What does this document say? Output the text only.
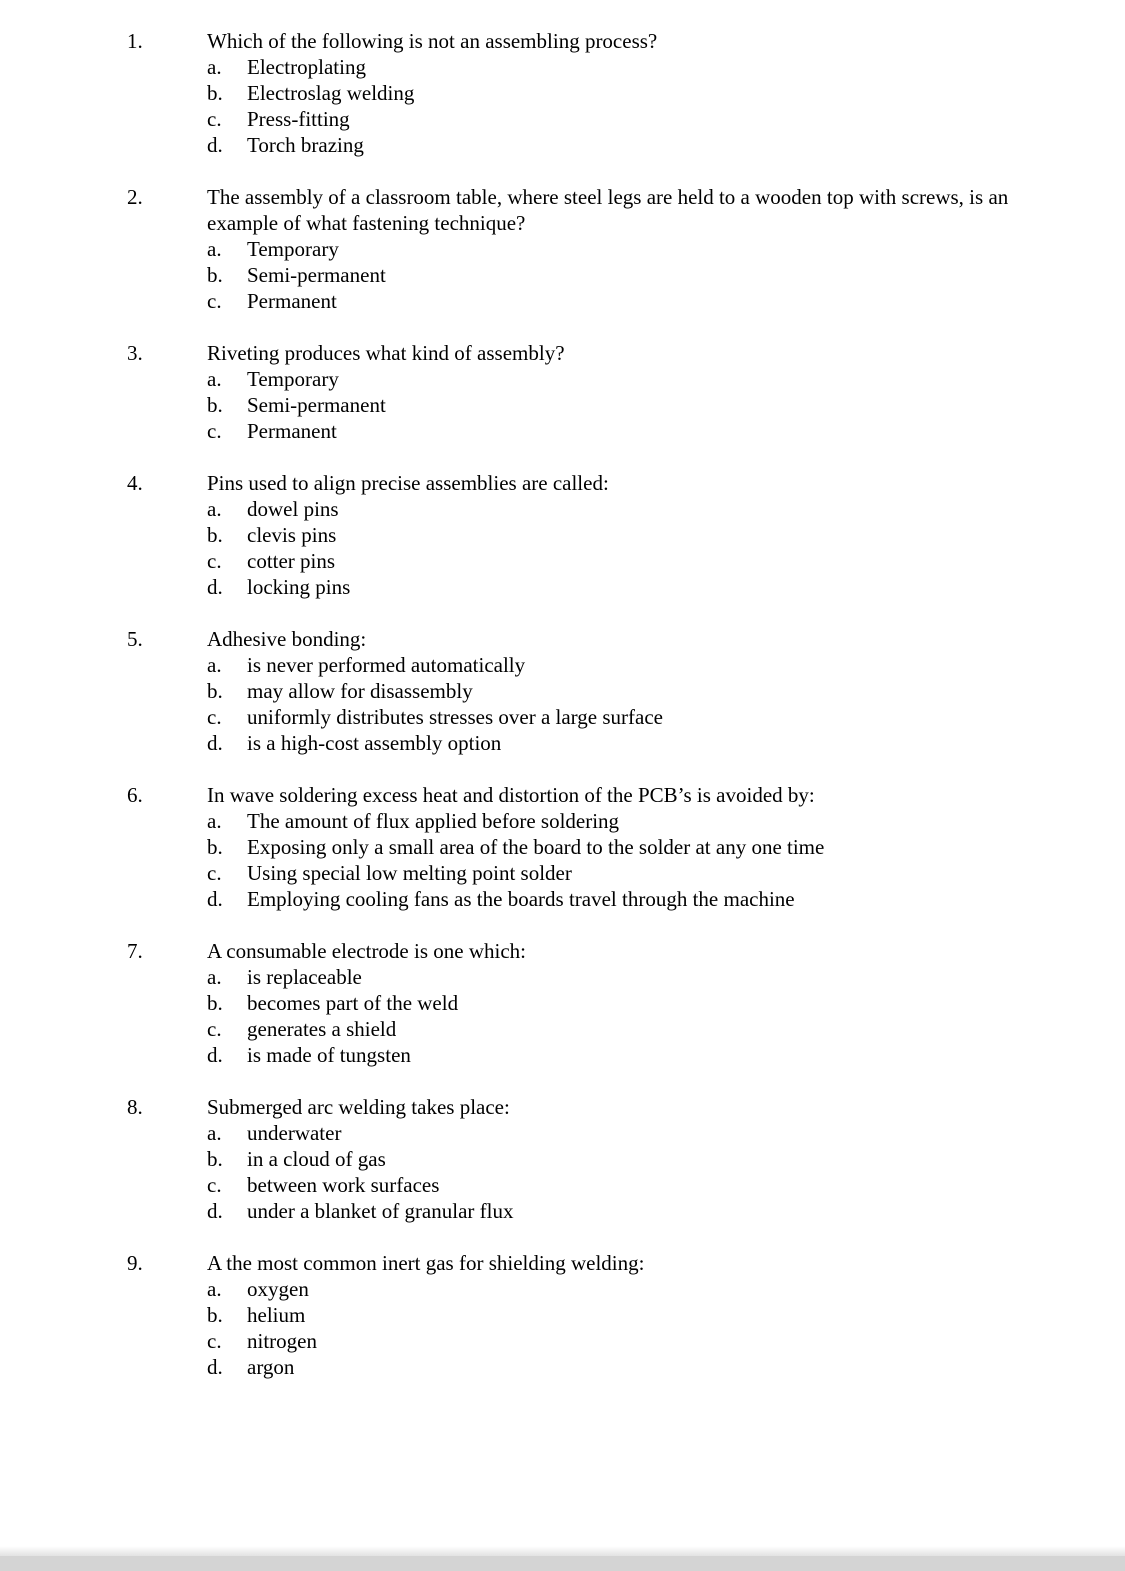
1.	Which of the following is not an assembling process?
a.	Electroplating
b.	Electroslag welding
c.	Press-fitting
d.	Torch brazing
2.	The assembly of a classroom table, where steel legs are held to a wooden top with screws, is an example of what fastening technique?
a.	Temporary
b.	Semi-permanent
c.	Permanent
3.	Riveting produces what kind of assembly?
a.	Temporary
b.	Semi-permanent
c.	Permanent
4.	Pins used to align precise assemblies are called:
a.	dowel pins
b.	clevis pins
c.	cotter pins
d.	locking pins
5.	Adhesive bonding:
a.	is never performed automatically
b.	may allow for disassembly
c.	uniformly distributes stresses over a large surface
d.	is a high-cost assembly option
6.	In wave soldering excess heat and distortion of the PCB’s is avoided by:
a.	The amount of flux applied before soldering
b.	Exposing only a small area of the board to the solder at any one time
c.	Using special low melting point solder
d.	Employing cooling fans as the boards travel through the machine
7.	A consumable electrode is one which:
a.	is replaceable
b.	becomes part of the weld
c.	generates a shield
d.	is made of tungsten
8.	Submerged arc welding takes place:
a.	underwater
b.	in a cloud of gas
c.	between work surfaces
d.	under a blanket of granular flux
9.	A the most common inert gas for shielding welding:
a.	oxygen
b.	helium
c.	nitrogen
d.	argon
